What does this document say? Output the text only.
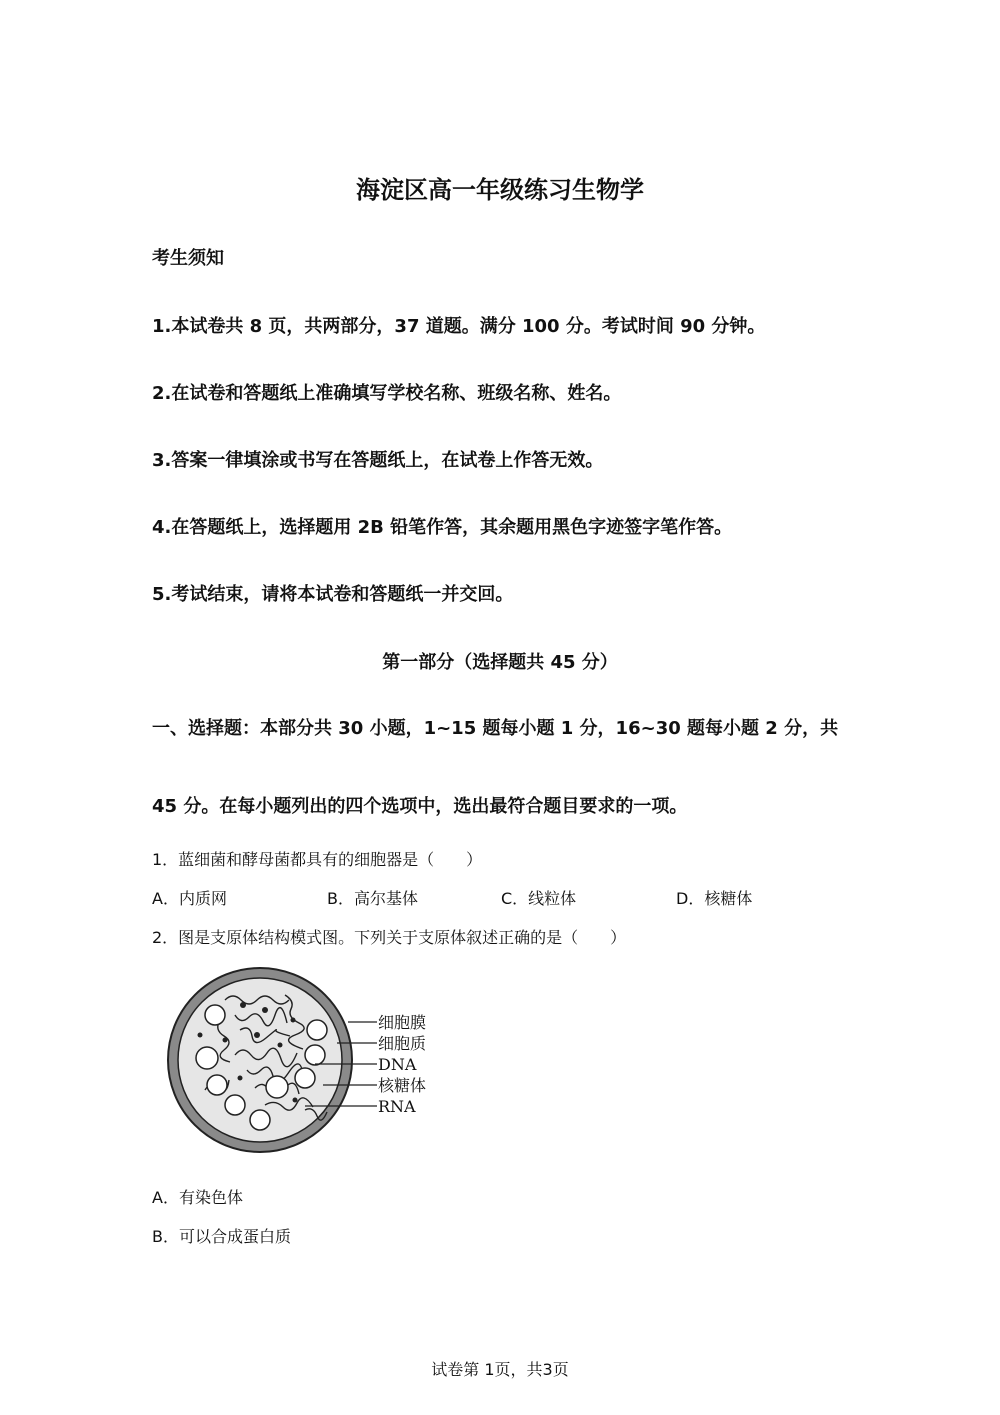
海淀区高一年级练习生物学
考生须知
1.本试卷共 8 页，共两部分，37 道题。满分 100 分。考试时间 90 分钟。
2.在试卷和答题纸上准确填写学校名称、班级名称、姓名。
3.答案一律填涂或书写在答题纸上，在试卷上作答无效。
4.在答题纸上，选择题用 2B 铅笔作答，其余题用黑色字迹签字笔作答。
5.考试结束，请将本试卷和答题纸一并交回。
第一部分（选择题共 45 分）
一、选择题：本部分共 30 小题，1~15 题每小题 1 分，16~30 题每小题 2 分，共
45 分。在每小题列出的四个选项中，选出最符合题目要求的一项。
1．蓝细菌和酵母菌都具有的细胞器是（　　）
A．内质网	B．高尔基体	C．线粒体	D．核糖体
2．图是支原体结构模式图。下列关于支原体叙述正确的是（　　）
细胞膜
细胞质
DNA
核糖体
RNA
A．有染色体
B．可以合成蛋白质
试卷第 1页，共3页
